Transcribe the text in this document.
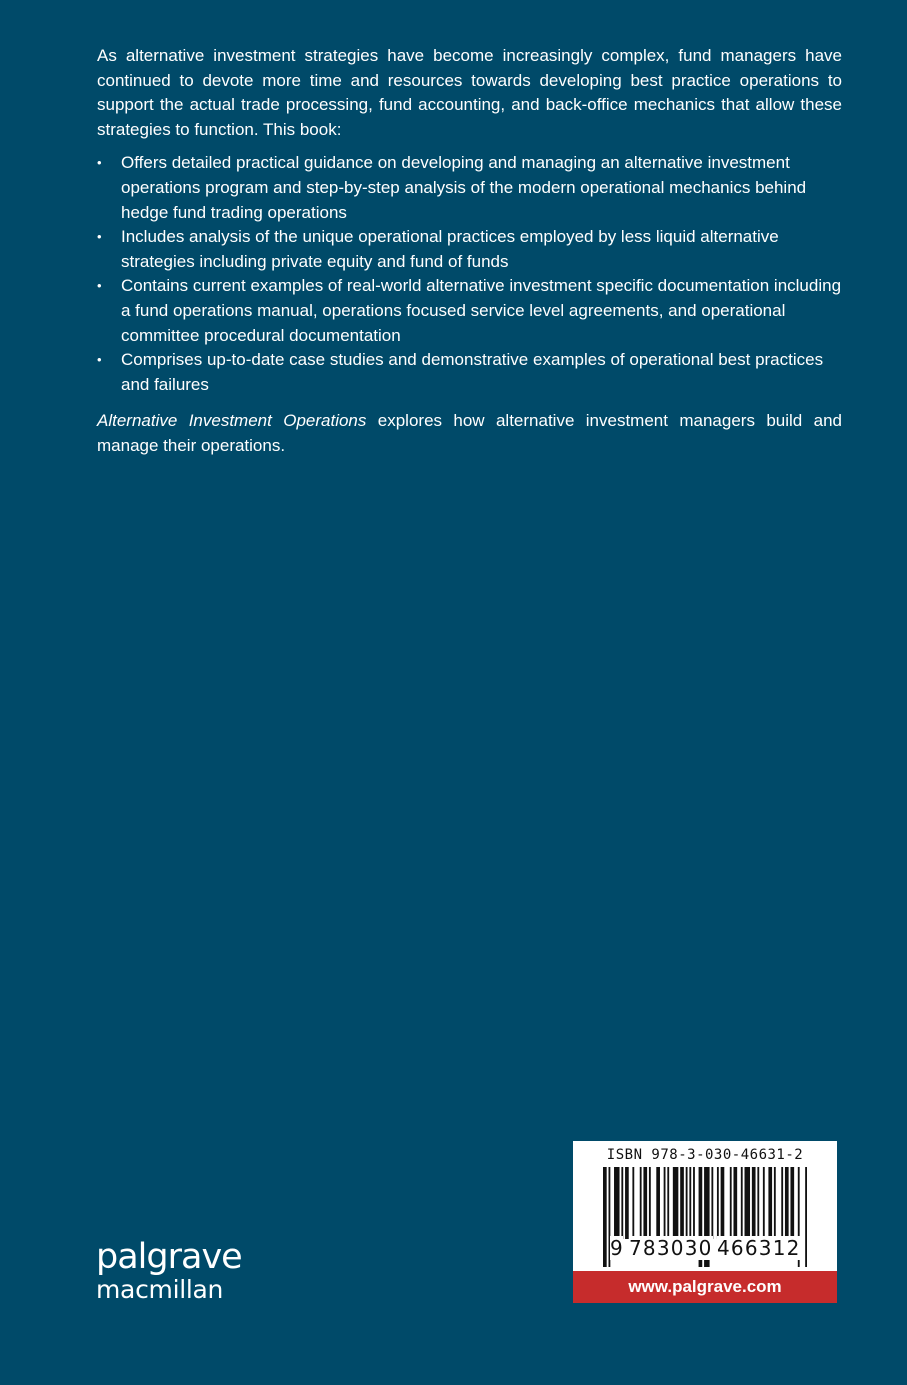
As alternative investment strategies have become increasingly complex, fund managers have continued to devote more time and resources towards developing best practice operations to support the actual trade processing, fund accounting, and back-office mechanics that allow these strategies to function. This book:

• Offers detailed practical guidance on developing and managing an alternative investment operations program and step-by-step analysis of the modern operational mechanics behind hedge fund trading operations
• Includes analysis of the unique operational practices employed by less liquid alternative strategies including private equity and fund of funds
• Contains current examples of real-world alternative investment specific documentation including a fund operations manual, operations focused service level agreements, and operational committee procedural documentation
• Comprises up-to-date case studies and demonstrative examples of operational best practices and failures

Alternative Investment Operations explores how alternative investment managers build and manage their operations.

palgrave
macmillan
ISBN 978-3-030-46631-2
9 783030 466312
www.palgrave.com
